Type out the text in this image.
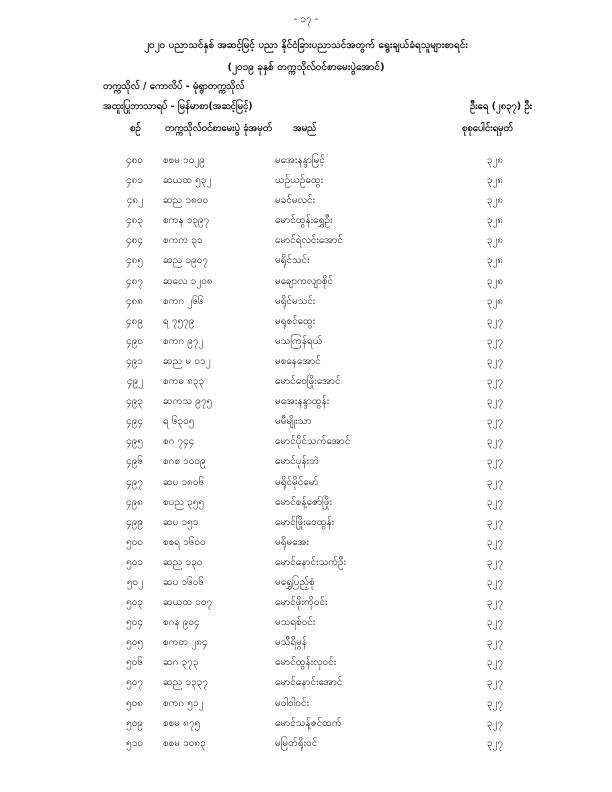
- ၁၇ -
၂၀၂၀ ပညာသင်နှစ် အဆင့်မြင့် ပညာ နိုင်ငံခြားပညာသင်အတွက် ရွေးချယ်ခံရသူများစာရင်း
(၂၀၁၉ ခုနှစ် တက္ကသိုလ်ဝင်စာမေးပွဲအောင်)
တက္ကသိုလ် / ကောလိပ် - မုံရွာတက္ကသိုလ်
အထူးပြုဘာသာရပ် - မြန်မာစာ(အဆင့်မြင့်)	ဦးရေ (၂၈၃၇) ဦး
စဉ်	တက္ကသိုလ်ဝင်စာမေးပွဲ ခုံအမှတ်	အမည်	စုစုပေါင်းရမှတ်
၄၈၀ စစမ ၁၀၂၉	မအေးနန္ဒာမြင့်	၃၂၈
၄၈၁ ဆယထ ၅၃၂	ယဉ်ယဉ်ထွေး	၃၂၈
၄၈၂ ဆည ၁၈၀၀	မခင်မလင်း	၃၂၈
၄၈၃ စကန ၁၃၉၇	မောင်ထွန်းရွှေဦး	၃၂၈
၄၈၄ စကက ၃၁	မောင်ရဲလင်းအောင်	၃၂၈
၄၈၅ ဆည ၁၉၀၇	မရိုင်သင်း	၃၂၈
၄၈၇ ဆလေ ၁၂၀၈	မချောကလျာစိုင်	၃၂၈
၄၈၈ စကဂ ၂၆၆	မရိုင်မသင်း	၃၂၈
၄၈၉ ရ ၇၅၇၉	မရုစင်ထွေး	၃၂၇
၄၉၀ စကဂ ၉၇၂	မသကြန်ရယ်	၃၂၇
၄၉၁ ဆည မ ၀၁၂	မစနေအောင်	၃၂၇
၄၉၂ စကဓ ၈၃၃	မောင်ဝေဖြိုးအောင်	၃၂၇
၄၉၃ ဆကသ ၉၇၅	မအေးနန္ဒာထွန်း	၃၂၇
၄၉၄ ရ ၆၃၀၅	မမီမျိုးသာ	၃၂၇
၄၉၅ စဂ ၇၄၄	မောင်ပိုင်သက်အောင်	၃၂၇
၄၉၆ စဂစ ၁၀၀၉	မောင်ပုန်းဘဲ	၃၂၇
၄၉၇ ဆပ ၁၈၀၆	မရိုင်မိုင်မော်	၃၂၇
၄၉၈ စပည ၃၅၅	မောင်စန့်ဇော်ဖြိုး	၃၂၇
၄၉၉ ဆပ ၁၅၁	မောင်ဖြိုးဝေထွန်း	၃၂၇
၅၀၀ စစရ ၁၆၀၀	မရိုမအေး	၃၂၇
၅၀၁ ဆည ၁၃၀	မောင်နောင်းသက်ဦး	၃၂၇
၅၀၂ ဆပ ၁၆၀၆	မရွှေပြည့်စုံ	၃၂၇
၅၀၃ ဆယထ ၁၀၇	မောင်ဖိုးကိုဝင်း	၃၂၇
၅၀၄ စဂန ၉၀၄	မသရစ်ဝင်း	၃၂၇
၅၀၅ စကတ ၂၈၄	မသီရိမွန်	၃၂၇
၅၀၆ ဆဂ ၃၇၃	မောင်ထွန်းလှဝင်း	၃၂၇
၅၀၇ ဆည ၁၃၃၇	မောင်နောင်းအောင်	၃၂၇
၅၀၈ စကဂ ၅၁၂	မဝါဝါဝင်း	၃၂၇
၅၀၉ စစမ ၈၇၅	မောင်သန့်ဇင်ထက်	၃၂၇
၅၁၀ စစမ ၁၀၈၃	မမြတ်ရိုးဝင်	၃၂၇
